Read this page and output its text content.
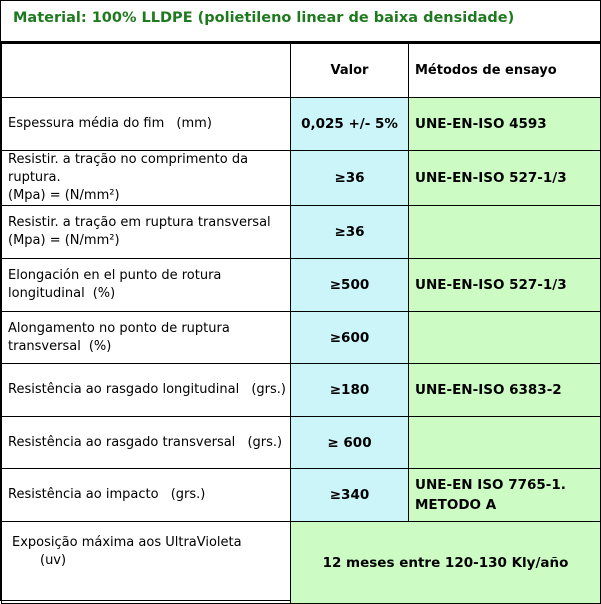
Material: 100% LLDPE (polietileno linear de baixa densidade)
	Valor	Métodos de ensayo
Espessura média do fim (mm)	0,025 +/- 5%	UNE-EN-ISO 4593

Resistir. a tração no comprimento da ruptura.
(Mpa) = (N/mm²)	≥36	UNE-EN-ISO 527-1/3

Resistir. a tração em ruptura transversal
(Mpa) = (N/mm²)	≥36	

Elongación en el punto de rotura
longitudinal (%)	≥500	UNE-EN-ISO 527-1/3

Alongamento no ponto de ruptura
transversal (%)	≥600	
Resistência ao rasgado longitudinal (grs.)	≥180	UNE-EN-ISO 6383-2
Resistência ao rasgado transversal (grs.)	≥ 600	
Resistência ao impacto (grs.)	≥340	UNE-EN ISO 7765-1.
METODO A

Exposição máxima aos UltraVioleta (uv)	12 meses entre 120-130 Kly/año	
